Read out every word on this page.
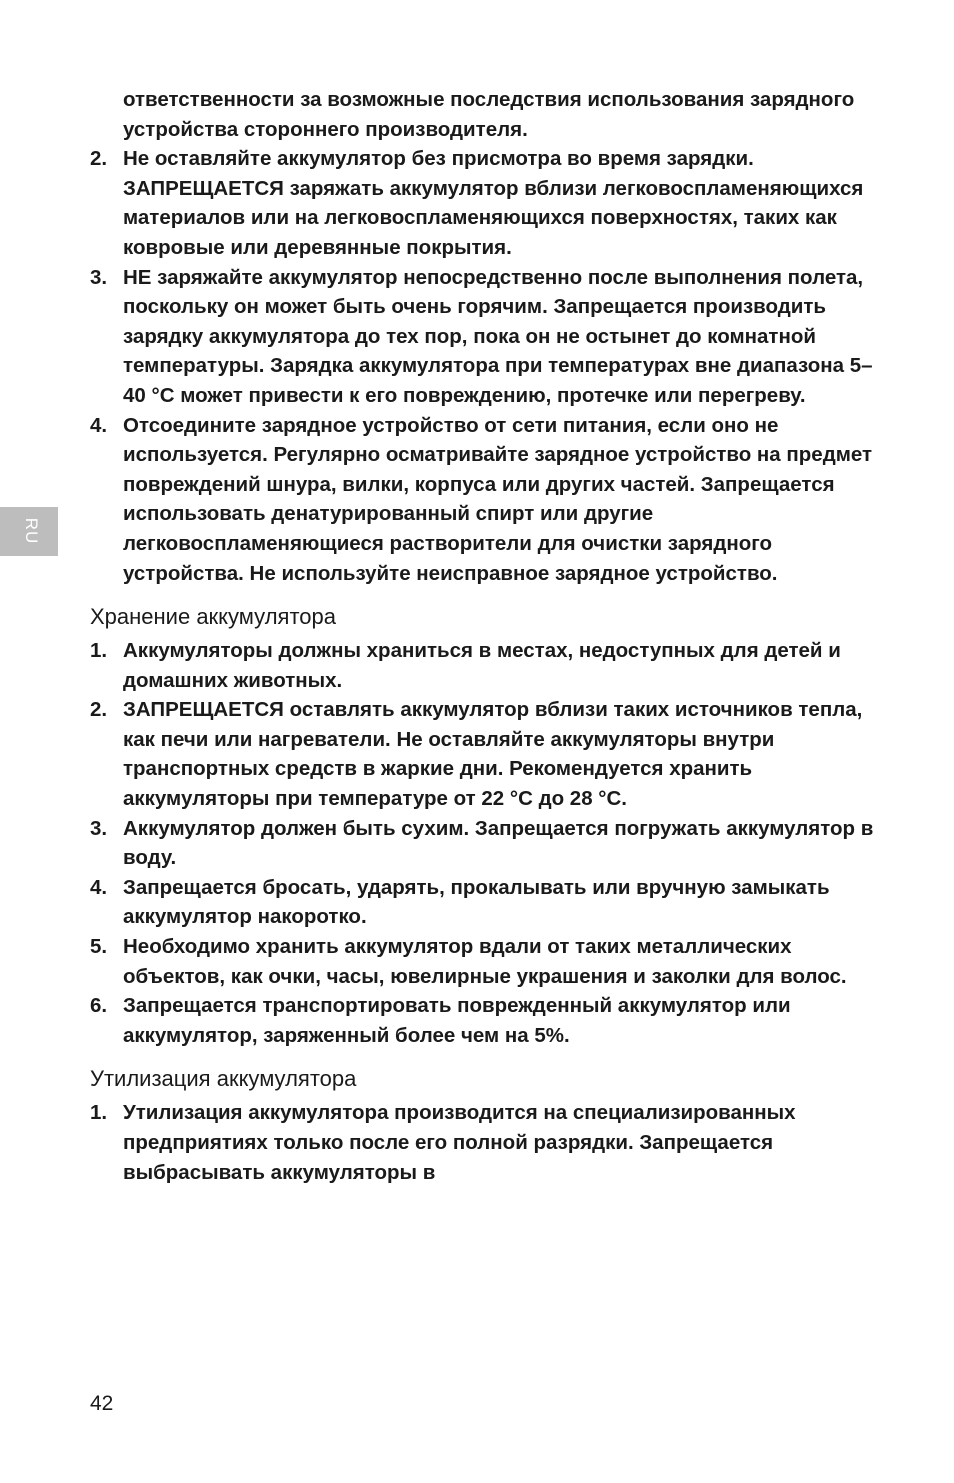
RU

ответственности за возможные последствия использования зарядного устройства стороннего производителя.

2. Не оставляйте аккумулятор без присмотра во время зарядки. ЗАПРЕЩАЕТСЯ заряжать аккумулятор вблизи легковоспламеняющихся материалов или на легковоспламеняющихся поверхностях, таких как ковровые или деревянные покрытия.
3. НЕ заряжайте аккумулятор непосредственно после выполнения полета, поскольку он может быть очень горячим. Запрещается производить зарядку аккумулятора до тех пор, пока он не остынет до комнатной температуры. Зарядка аккумулятора при температурах вне диапазона 5–40 °C может привести к его повреждению, протечке или перегреву.
4. Отсоедините зарядное устройство от сети питания, если оно не используется. Регулярно осматривайте зарядное устройство на предмет повреждений шнура, вилки, корпуса или других частей. Запрещается использовать денатурированный спирт или другие легковоспламеняющиеся растворители для очистки зарядного устройства. Не используйте неисправное зарядное устройство.
Хранение аккумулятора
1. Аккумуляторы должны храниться в местах, недоступных для детей и домашних животных.
2. ЗАПРЕЩАЕТСЯ оставлять аккумулятор вблизи таких источников тепла, как печи или нагреватели. Не оставляйте аккумуляторы внутри транспортных средств в жаркие дни. Рекомендуется хранить аккумуляторы при температуре от 22 °C до 28 °C.
3. Аккумулятор должен быть сухим. Запрещается погружать аккумулятор в воду.
4. Запрещается бросать, ударять, прокалывать или вручную замыкать аккумулятор накоротко.
5. Необходимо хранить аккумулятор вдали от таких металлических объектов, как очки, часы, ювелирные украшения и заколки для волос.
6. Запрещается транспортировать поврежденный аккумулятор или аккумулятор, заряженный более чем на 5%.
Утилизация аккумулятора
1. Утилизация аккумулятора производится на специализированных предприятиях только после его полной разрядки. Запрещается выбрасывать аккумуляторы в
42
